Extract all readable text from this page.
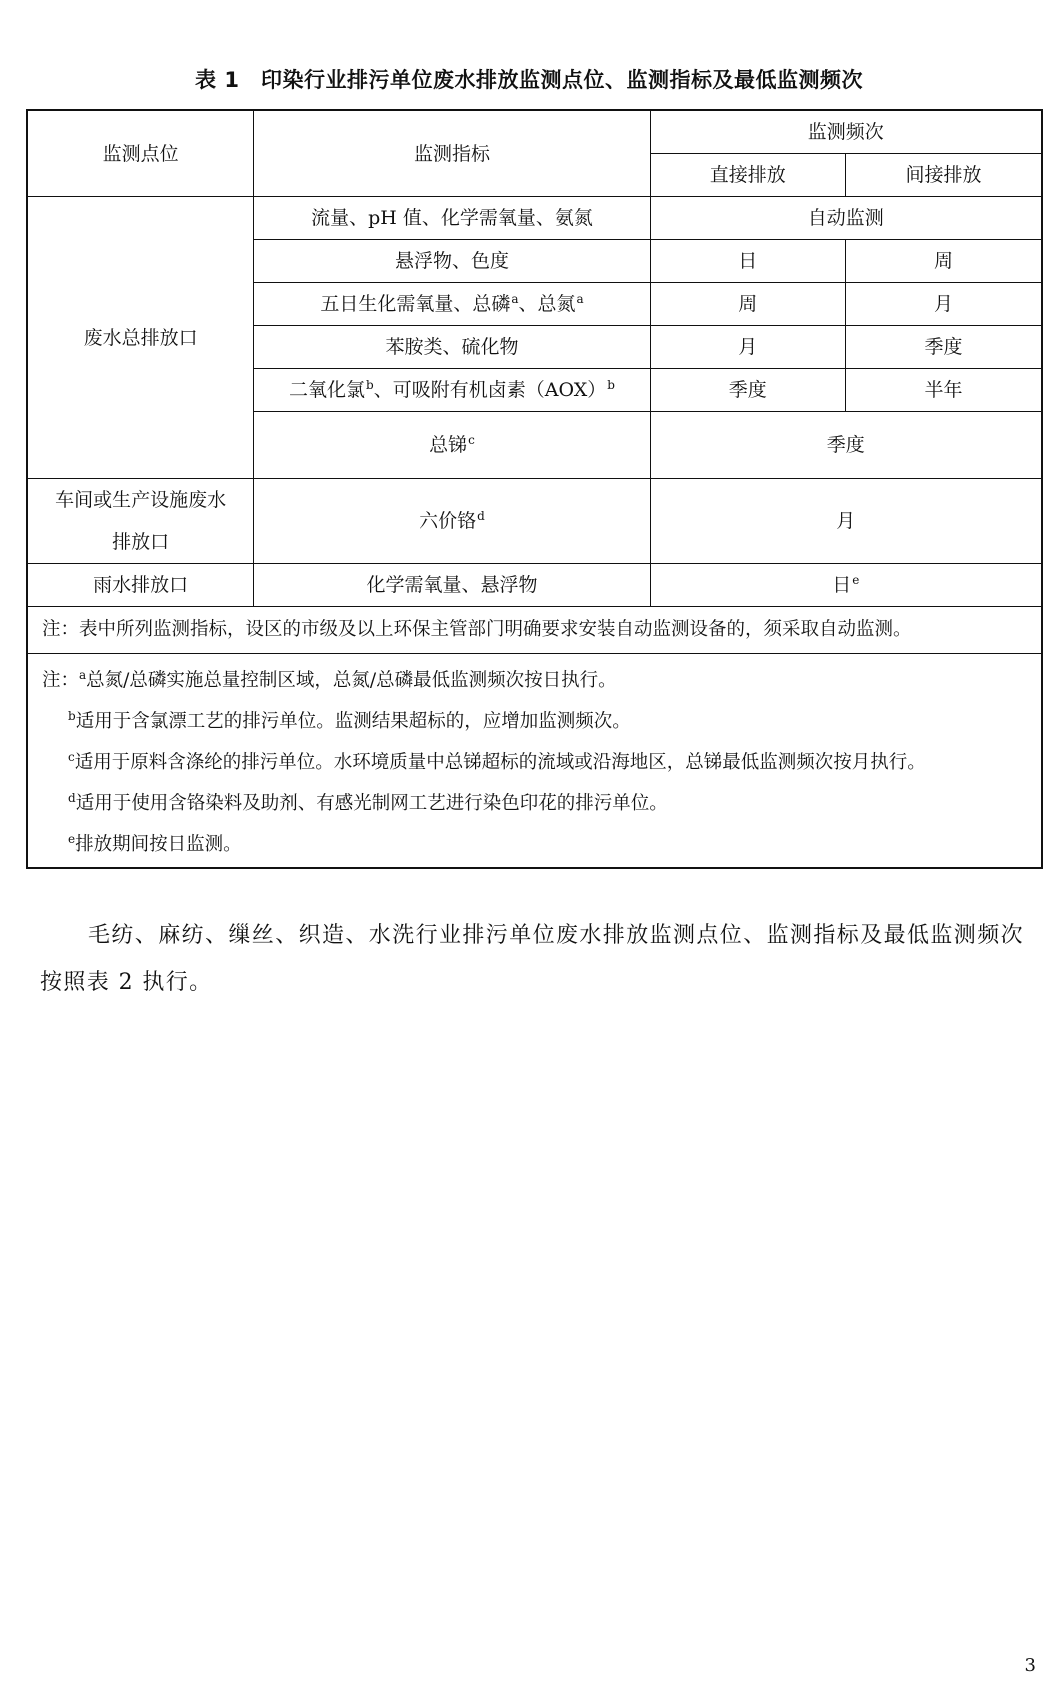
表 1　印染行业排污单位废水排放监测点位、监测指标及最低监测频次
监测点位	监测指标	监测频次	
		直接排放	间接排放
废水总排放口	流量、pH 值、化学需氧量、氨氮	自动监测	
	悬浮物、色度	日	周
	五日生化需氧量、总磷$^a$、总氮$^a$	周	月
	苯胺类、硫化物	月	季度
	二氧化氯$^b$、可吸附有机卤素（AOX）$^b$	季度	半年
	总锑$^c$	季度	
车间或生产设施废水
排放口	六价铬$^d$	月	
雨水排放口	化学需氧量、悬浮物	日$^e$
注：表中所列监测指标，设区的市级及以上环保主管部门明确要求安装自动监测设备的，须采取自动监测。			

注：$^a$总氮/总磷实施总量控制区域，总氮/总磷最低监测频次按日执行。
$^b$适用于含氯漂工艺的排污单位。监测结果超标的，应增加监测频次。
$^c$适用于原料含涤纶的排污单位。水环境质量中总锑超标的流域或沿海地区，总锑最低监测频次按月执行。
$^d$适用于使用含铬染料及助剂、有感光制网工艺进行染色印花的排污单位。
$^e$排放期间按日监测。			
毛纺、麻纺、缫丝、织造、水洗行业排污单位废水排放监测点位、监测指标及最低监测频次按照表 2 执行。
3
